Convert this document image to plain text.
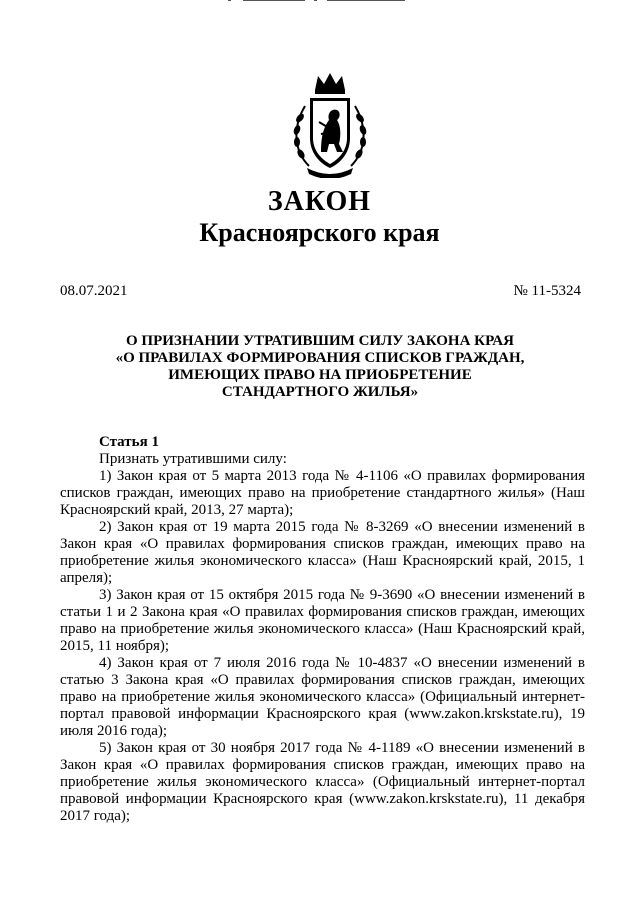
ЗАКОН
Красноярского края
08.07.2021	№ 11-5324
О ПРИЗНАНИИ УТРАТИВШИМ СИЛУ ЗАКОНА КРАЯ
«О ПРАВИЛАХ ФОРМИРОВАНИЯ СПИСКОВ ГРАЖДАН,
ИМЕЮЩИХ ПРАВО НА ПРИОБРЕТЕНИЕ
СТАНДАРТНОГО ЖИЛЬЯ»
Статья 1

Признать утратившими силу:

1) Закон края от 5 марта 2013 года № 4-1106 «О правилах формирования списков граждан, имеющих право на приобретение стандартного жилья» (Наш Красноярский край, 2013, 27 марта);

2) Закон края от 19 марта 2015 года № 8-3269 «О внесении изменений в Закон края «О правилах формирования списков граждан, имеющих право на приобретение жилья экономического класса» (Наш Красноярский край, 2015, 1 апреля);

3) Закон края от 15 октября 2015 года № 9-3690 «О внесении изменений в статьи 1 и 2 Закона края «О правилах формирования списков граждан, имеющих право на приобретение жилья экономического класса» (Наш Красноярский край, 2015, 11 ноября);

4) Закон края от 7 июля 2016 года № 10-4837 «О внесении изменений в статью 3 Закона края «О правилах формирования списков граждан, имеющих право на приобретение жилья экономического класса» (Официальный интернет-портал правовой информации Красноярского края (www.zakon.krskstate.ru), 19 июля 2016 года);

5) Закон края от 30 ноября 2017 года № 4-1189 «О внесении изменений в Закон края «О правилах формирования списков граждан, имеющих право на приобретение жилья экономического класса» (Официальный интернет-портал правовой информации Красноярского края (www.zakon.krskstate.ru), 11 декабря 2017 года);
